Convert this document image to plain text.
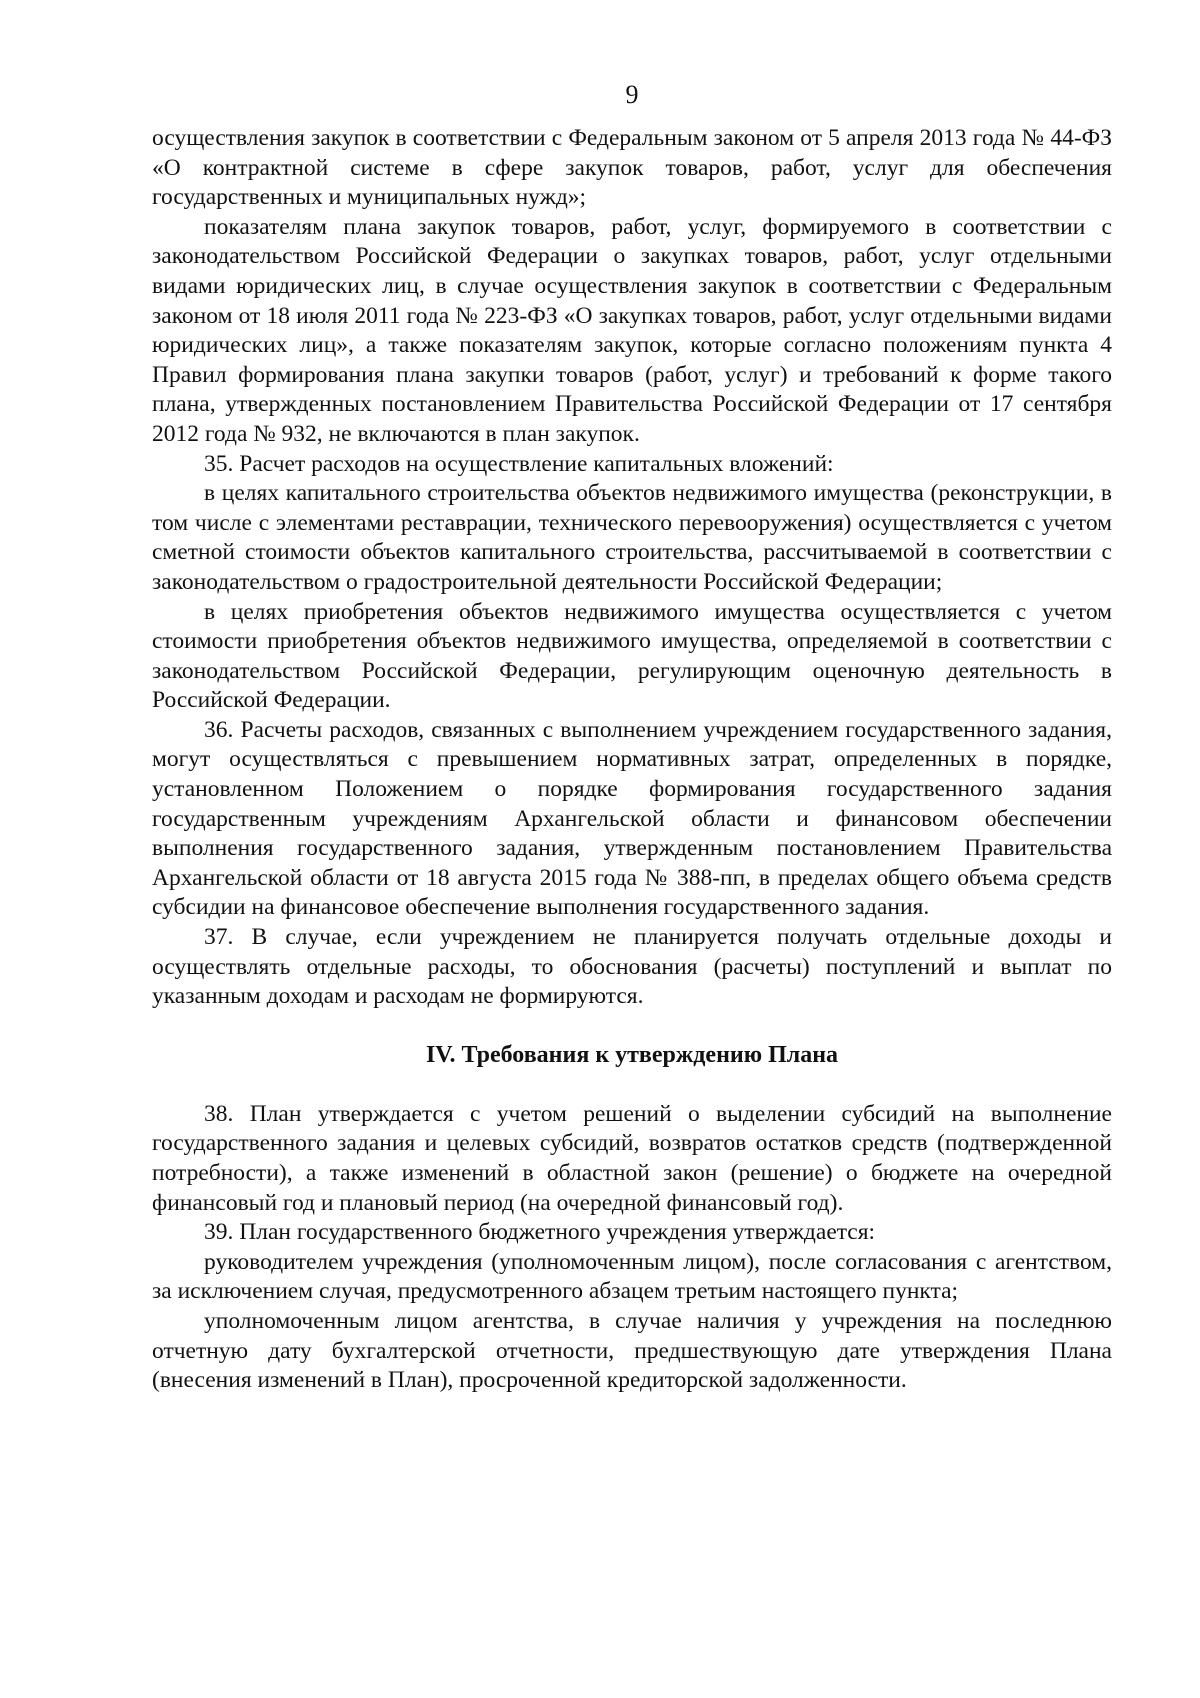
9

осуществления закупок в соответствии с Федеральным законом от 5 апреля 2013 года № 44-ФЗ «О контрактной системе в сфере закупок товаров, работ, услуг для обеспечения государственных и муниципальных нужд»;

показателям плана закупок товаров, работ, услуг, формируемого в соответствии с законодательством Российской Федерации о закупках товаров, работ, услуг отдельными видами юридических лиц, в случае осуществления закупок в соответствии с Федеральным законом от 18 июля 2011 года № 223-ФЗ «О закупках товаров, работ, услуг отдельными видами юридических лиц», а также показателям закупок, которые согласно положениям пункта 4 Правил формирования плана закупки товаров (работ, услуг) и требований к форме такого плана, утвержденных постановлением Правительства Российской Федерации от 17 сентября 2012 года № 932, не включаются в план закупок.

35. Расчет расходов на осуществление капитальных вложений:

в целях капитального строительства объектов недвижимого имущества (реконструкции, в том числе с элементами реставрации, технического перевооружения) осуществляется с учетом сметной стоимости объектов капитального строительства, рассчитываемой в соответствии с законодательством о градостроительной деятельности Российской Федерации;

в целях приобретения объектов недвижимого имущества осуществляется с учетом стоимости приобретения объектов недвижимого имущества, определяемой в соответствии с законодательством Российской Федерации, регулирующим оценочную деятельность в Российской Федерации.

36. Расчеты расходов, связанных с выполнением учреждением государственного задания, могут осуществляться с превышением нормативных затрат, определенных в порядке, установленном Положением о порядке формирования государственного задания государственным учреждениям Архангельской области и финансовом обеспечении выполнения государственного задания, утвержденным постановлением Правительства Архангельской области от 18 августа 2015 года № 388-пп, в пределах общего объема средств субсидии на финансовое обеспечение выполнения государственного задания.

37. В случае, если учреждением не планируется получать отдельные доходы и осуществлять отдельные расходы, то обоснования (расчеты) поступлений и выплат по указанным доходам и расходам не формируются.

IV. Требования к утверждению Плана

38. План утверждается с учетом решений о выделении субсидий на выполнение государственного задания и целевых субсидий, возвратов остатков средств (подтвержденной потребности), а также изменений в областной закон (решение) о бюджете на очередной финансовый год и плановый период (на очередной финансовый год).

39. План государственного бюджетного учреждения утверждается:

руководителем учреждения (уполномоченным лицом), после согласования с агентством, за исключением случая, предусмотренного абзацем третьим настоящего пункта;

уполномоченным лицом агентства, в случае наличия у учреждения на последнюю отчетную дату бухгалтерской отчетности, предшествующую дате утверждения Плана (внесения изменений в План), просроченной кредиторской задолженности.
